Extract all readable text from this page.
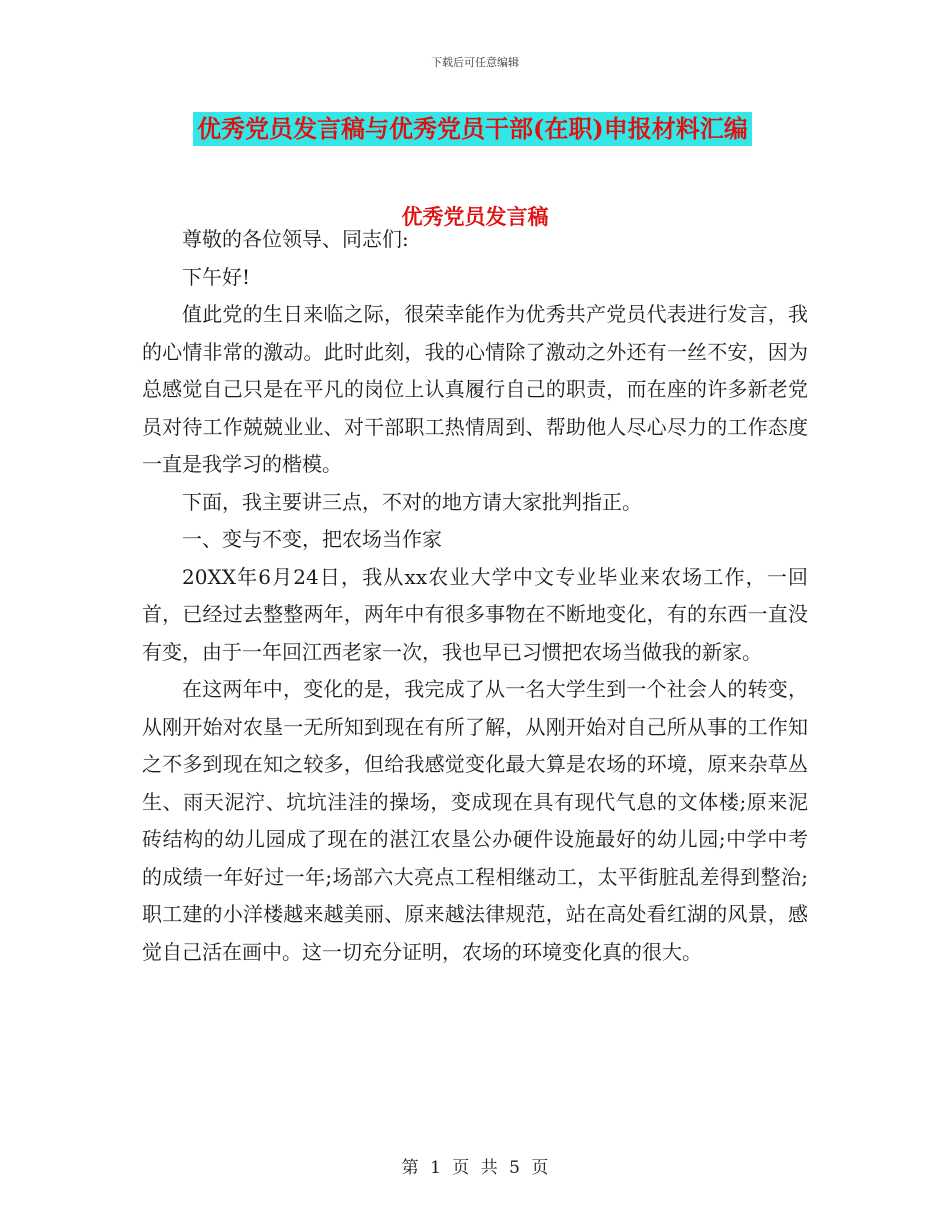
下载后可任意编辑
优秀党员发言稿与优秀党员干部(在职)申报材料汇编
优秀党员发言稿

尊敬的各位领导、同志们:

下午好!

值此党的生日来临之际，很荣幸能作为优秀共产党员代表进行发言，我的心情非常的激动。此时此刻，我的心情除了激动之外还有一丝不安，因为总感觉自己只是在平凡的岗位上认真履行自己的职责，而在座的许多新老党员对待工作兢兢业业、对干部职工热情周到、帮助他人尽心尽力的工作态度一直是我学习的楷模。

下面，我主要讲三点，不对的地方请大家批判指正。

一、变与不变，把农场当作家

20XX年6月24日，我从xx农业大学中文专业毕业来农场工作，一回首，已经过去整整两年，两年中有很多事物在不断地变化，有的东西一直没有变，由于一年回江西老家一次，我也早已习惯把农场当做我的新家。

在这两年中，变化的是，我完成了从一名大学生到一个社会人的转变，从刚开始对农垦一无所知到现在有所了解，从刚开始对自己所从事的工作知之不多到现在知之较多，但给我感觉变化最大算是农场的环境，原来杂草丛生、雨天泥泞、坑坑洼洼的操场，变成现在具有现代气息的文体楼;原来泥砖结构的幼儿园成了现在的湛江农垦公办硬件设施最好的幼儿园;中学中考的成绩一年好过一年;场部六大亮点工程相继动工，太平街脏乱差得到整治;职工建的小洋楼越来越美丽、原来越法律规范，站在高处看红湖的风景，感觉自己活在画中。这一切充分证明，农场的环境变化真的很大。

第 1 页 共 5 页
